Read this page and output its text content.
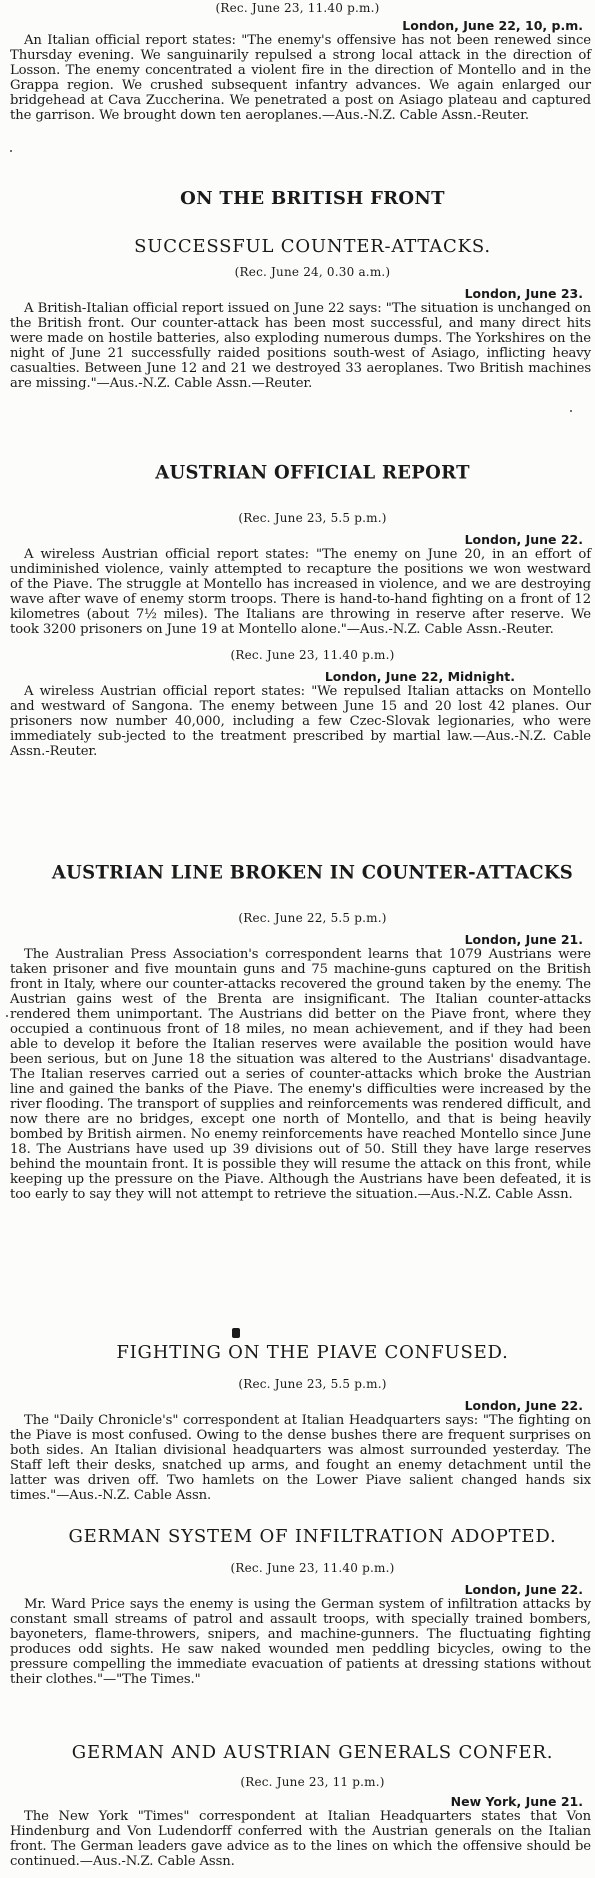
(Rec. June 23, 11.40 p.m.)

London, June 22, 10, p.m.

An Italian official report states: "The enemy's offensive has not been renewed since Thursday evening. We sanguinarily repulsed a strong local attack in the direction of Losson. The enemy concentrated a violent fire in the direction of Montello and in the Grappa region. We crushed subsequent infantry advances. We again enlarged our bridgehead at Cava Zuccherina. We penetrated a post on Asiago plateau and captured the garrison. We brought down ten aeroplanes.—Aus.-N.Z. Cable Assn.-Reuter.

ON THE BRITISH FRONT

SUCCESSFUL COUNTER-ATTACKS.

(Rec. June 24, 0.30 a.m.)

London, June 23.

A British-Italian official report issued on June 22 says: "The situation is unchanged on the British front. Our counter-attack has been most successful, and many direct hits were made on hostile batteries, also exploding numerous dumps. The Yorkshires on the night of June 21 successfully raided positions south-west of Asiago, inflicting heavy casualties. Between June 12 and 21 we destroyed 33 aeroplanes. Two British machines are missing."—Aus.-N.Z. Cable Assn.—Reuter.

AUSTRIAN OFFICIAL REPORT

(Rec. June 23, 5.5 p.m.)

London, June 22.

A wireless Austrian official report states: "The enemy on June 20, in an effort of undiminished violence, vainly attempted to recapture the positions we won westward of the Piave. The struggle at Montello has increased in violence, and we are destroying wave after wave of enemy storm troops. There is hand-to-hand fighting on a front of 12 kilometres (about 7½ miles). The Italians are throwing in reserve after reserve. We took 3200 prisoners on June 19 at Montello alone."—Aus.-N.Z. Cable Assn.-Reuter.

(Rec. June 23, 11.40 p.m.)

London, June 22, Midnight.

A wireless Austrian official report states: "We repulsed Italian attacks on Montello and westward of Sangona. The enemy between June 15 and 20 lost 42 planes. Our prisoners now number 40,000, including a few Czec-Slovak legionaries, who were immediately sub-jected to the treatment prescribed by martial law.—Aus.-N.Z. Cable Assn.-Reuter.

AUSTRIAN LINE BROKEN IN COUNTER-ATTACKS

(Rec. June 22, 5.5 p.m.)

London, June 21.

The Australian Press Association's correspondent learns that 1079 Austrians were taken prisoner and five mountain guns and 75 machine-guns captured on the British front in Italy, where our counter-attacks recovered the ground taken by the enemy. The Austrian gains west of the Brenta are insignificant. The Italian counter-attacks rendered them unimportant. The Austrians did better on the Piave front, where they occupied a continuous front of 18 miles, no mean achievement, and if they had been able to develop it before the Italian reserves were available the position would have been serious, but on June 18 the situation was altered to the Austrians' disadvantage. The Italian reserves carried out a series of counter-attacks which broke the Austrian line and gained the banks of the Piave. The enemy's difficulties were increased by the river flooding. The transport of supplies and reinforcements was rendered difficult, and now there are no bridges, except one north of Montello, and that is being heavily bombed by British airmen. No enemy reinforcements have reached Montello since June 18. The Austrians have used up 39 divisions out of 50. Still they have large reserves behind the mountain front. It is possible they will resume the attack on this front, while keeping up the pressure on the Piave. Although the Austrians have been defeated, it is too early to say they will not attempt to retrieve the situation.—Aus.-N.Z. Cable Assn.

FIGHTING ON THE PIAVE CONFUSED.

(Rec. June 23, 5.5 p.m.)

London, June 22.

The "Daily Chronicle's" correspondent at Italian Headquarters says: "The fighting on the Piave is most confused. Owing to the dense bushes there are frequent surprises on both sides. An Italian divisional headquarters was almost surrounded yesterday. The Staff left their desks, snatched up arms, and fought an enemy detachment until the latter was driven off. Two hamlets on the Lower Piave salient changed hands six times."—Aus.-N.Z. Cable Assn.

GERMAN SYSTEM OF INFILTRATION ADOPTED.

(Rec. June 23, 11.40 p.m.)

London, June 22.

Mr. Ward Price says the enemy is using the German system of infiltration attacks by constant small streams of patrol and assault troops, with specially trained bombers, bayoneters, flame-throwers, snipers, and machine-gunners. The fluctuating fighting produces odd sights. He saw naked wounded men peddling bicycles, owing to the pressure compelling the immediate evacuation of patients at dressing stations without their clothes."—"The Times."

GERMAN AND AUSTRIAN GENERALS CONFER.

(Rec. June 23, 11 p.m.)

New York, June 21.

The New York "Times" correspondent at Italian Headquarters states that Von Hindenburg and Von Ludendorff conferred with the Austrian generals on the Italian front. The German leaders gave advice as to the lines on which the offensive should be continued.—Aus.-N.Z. Cable Assn.
